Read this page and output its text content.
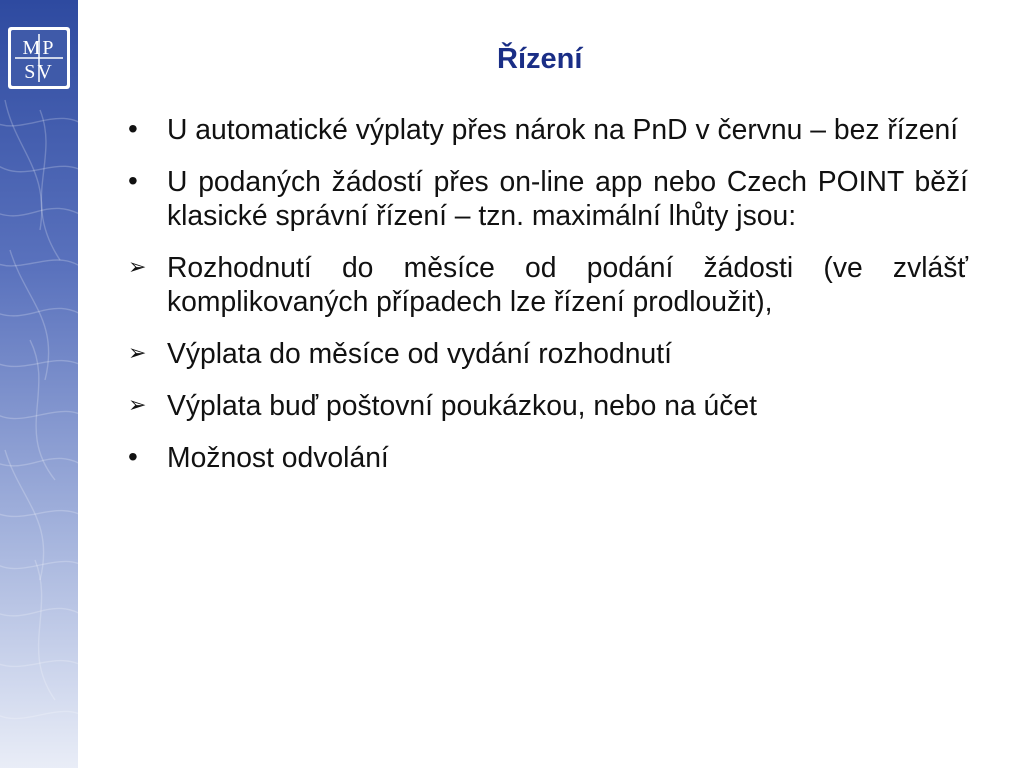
MP
SV	Řízení
•	U automatické výplaty přes nárok na PnD v červnu – bez řízení
•	U podaných žádostí přes on-line app nebo Czech POINT běží klasické správní řízení – tzn. maximální lhůty jsou:
➢ Rozhodnutí do měsíce od podání žádosti (ve zvlášť komplikovaných případech lze řízení prodloužit),
➢ Výplata do měsíce od vydání rozhodnutí
➢ Výplata buď poštovní poukázkou, nebo na účet
•	Možnost odvolání
